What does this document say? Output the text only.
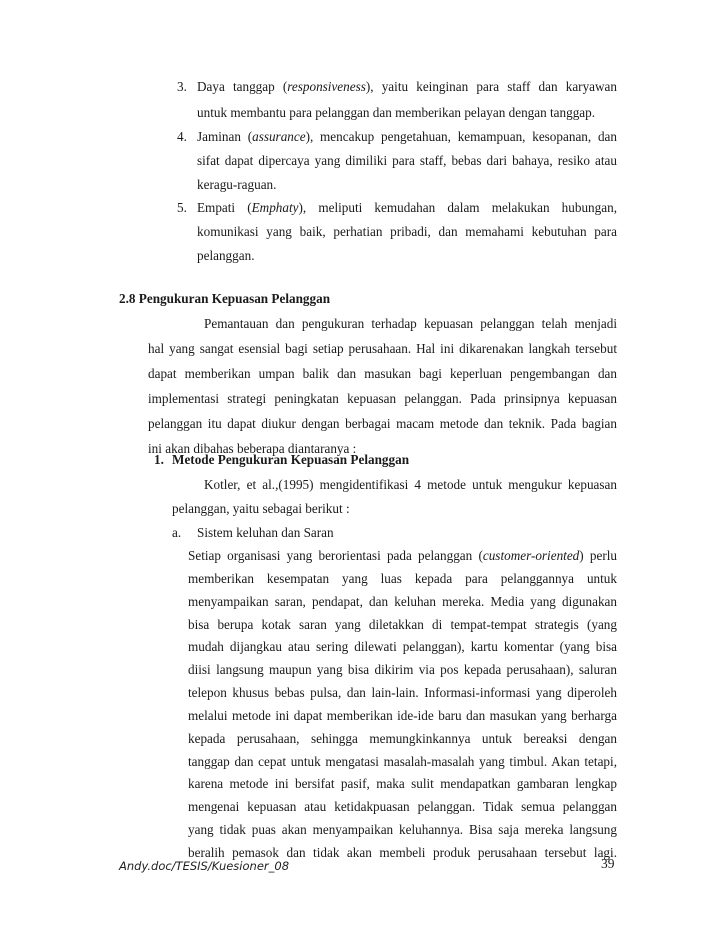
3. Daya tanggap (responsiveness), yaitu keinginan para staff dan karyawan
untuk membantu para pelanggan dan memberikan pelayan dengan tanggap.
4. Jaminan (assurance), mencakup pengetahuan, kemampuan, kesopanan, dan
sifat dapat dipercaya yang dimiliki para staff, bebas dari bahaya, resiko atau
keragu-raguan.
5. Empati (Emphaty), meliputi kemudahan dalam melakukan hubungan,
komunikasi yang baik, perhatian pribadi, dan memahami kebutuhan para
pelanggan.
2.8 Pengukuran Kepuasan Pelanggan
Pemantauan dan pengukuran terhadap kepuasan pelanggan telah menjadi
hal yang sangat esensial bagi setiap perusahaan. Hal ini dikarenakan langkah tersebut
dapat memberikan umpan balik dan masukan bagi keperluan pengembangan dan
implementasi strategi peningkatan kepuasan pelanggan. Pada prinsipnya kepuasan
pelanggan itu dapat diukur dengan berbagai macam metode dan teknik. Pada bagian
ini akan dibahas beberapa diantaranya :
1. Metode Pengukuran Kepuasan Pelanggan
Kotler, et al.,(1995) mengidentifikasi 4 metode untuk mengukur kepuasan
pelanggan, yaitu sebagai berikut :
a. Sistem keluhan dan Saran
Setiap organisasi yang berorientasi pada pelanggan (customer-oriented) perlu
memberikan kesempatan yang luas kepada para pelanggannya untuk
menyampaikan saran, pendapat, dan keluhan mereka. Media yang digunakan
bisa berupa kotak saran yang diletakkan di tempat-tempat strategis (yang
mudah dijangkau atau sering dilewati pelanggan), kartu komentar (yang bisa
diisi langsung maupun yang bisa dikirim via pos kepada perusahaan), saluran
telepon khusus bebas pulsa, dan lain-lain. Informasi-informasi yang diperoleh
melalui metode ini dapat memberikan ide-ide baru dan masukan yang berharga
kepada perusahaan, sehingga memungkinkannya untuk bereaksi dengan
tanggap dan cepat untuk mengatasi masalah-masalah yang timbul. Akan tetapi,
karena metode ini bersifat pasif, maka sulit mendapatkan gambaran lengkap
mengenai kepuasan atau ketidakpuasan pelanggan. Tidak semua pelanggan
yang tidak puas akan menyampaikan keluhannya. Bisa saja mereka langsung
beralih pemasok dan tidak akan membeli produk perusahaan tersebut lagi.
Andy.doc/TESIS/Kuesioner_08	39
